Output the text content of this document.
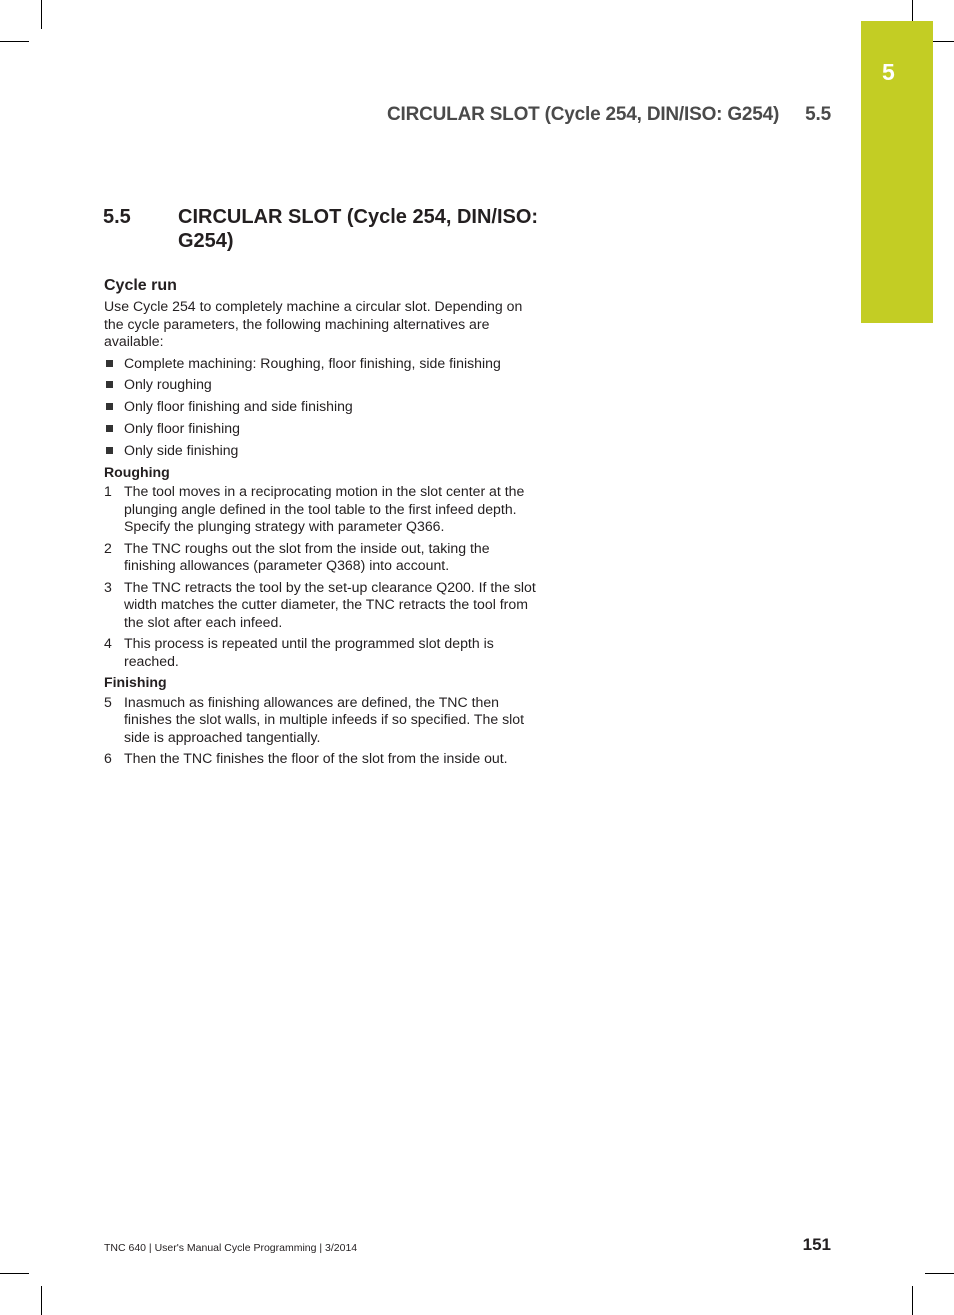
5
CIRCULAR SLOT (Cycle 254, DIN/ISO: G254) 5.5
5.5 CIRCULAR SLOT (Cycle 254, DIN/ISO: G254)
Cycle run

Use Cycle 254 to completely machine a circular slot. Depending on the cycle parameters, the following machining alternatives are available:

Complete machining: Roughing, floor finishing, side finishing
Only roughing
Only floor finishing and side finishing
Only floor finishing
Only side finishing
Roughing
1 The tool moves in a reciprocating motion in the slot center at the plunging angle defined in the tool table to the first infeed depth. Specify the plunging strategy with parameter Q366.
2 The TNC roughs out the slot from the inside out, taking the finishing allowances (parameter Q368) into account.
3 The TNC retracts the tool by the set-up clearance Q200. If the slot width matches the cutter diameter, the TNC retracts the tool from the slot after each infeed.
4 This process is repeated until the programmed slot depth is reached.
Finishing
5 Inasmuch as finishing allowances are defined, the TNC then finishes the slot walls, in multiple infeeds if so specified. The slot side is approached tangentially.
6 Then the TNC finishes the floor of the slot from the inside out.
TNC 640 | User's Manual Cycle Programming | 3/2014	151
